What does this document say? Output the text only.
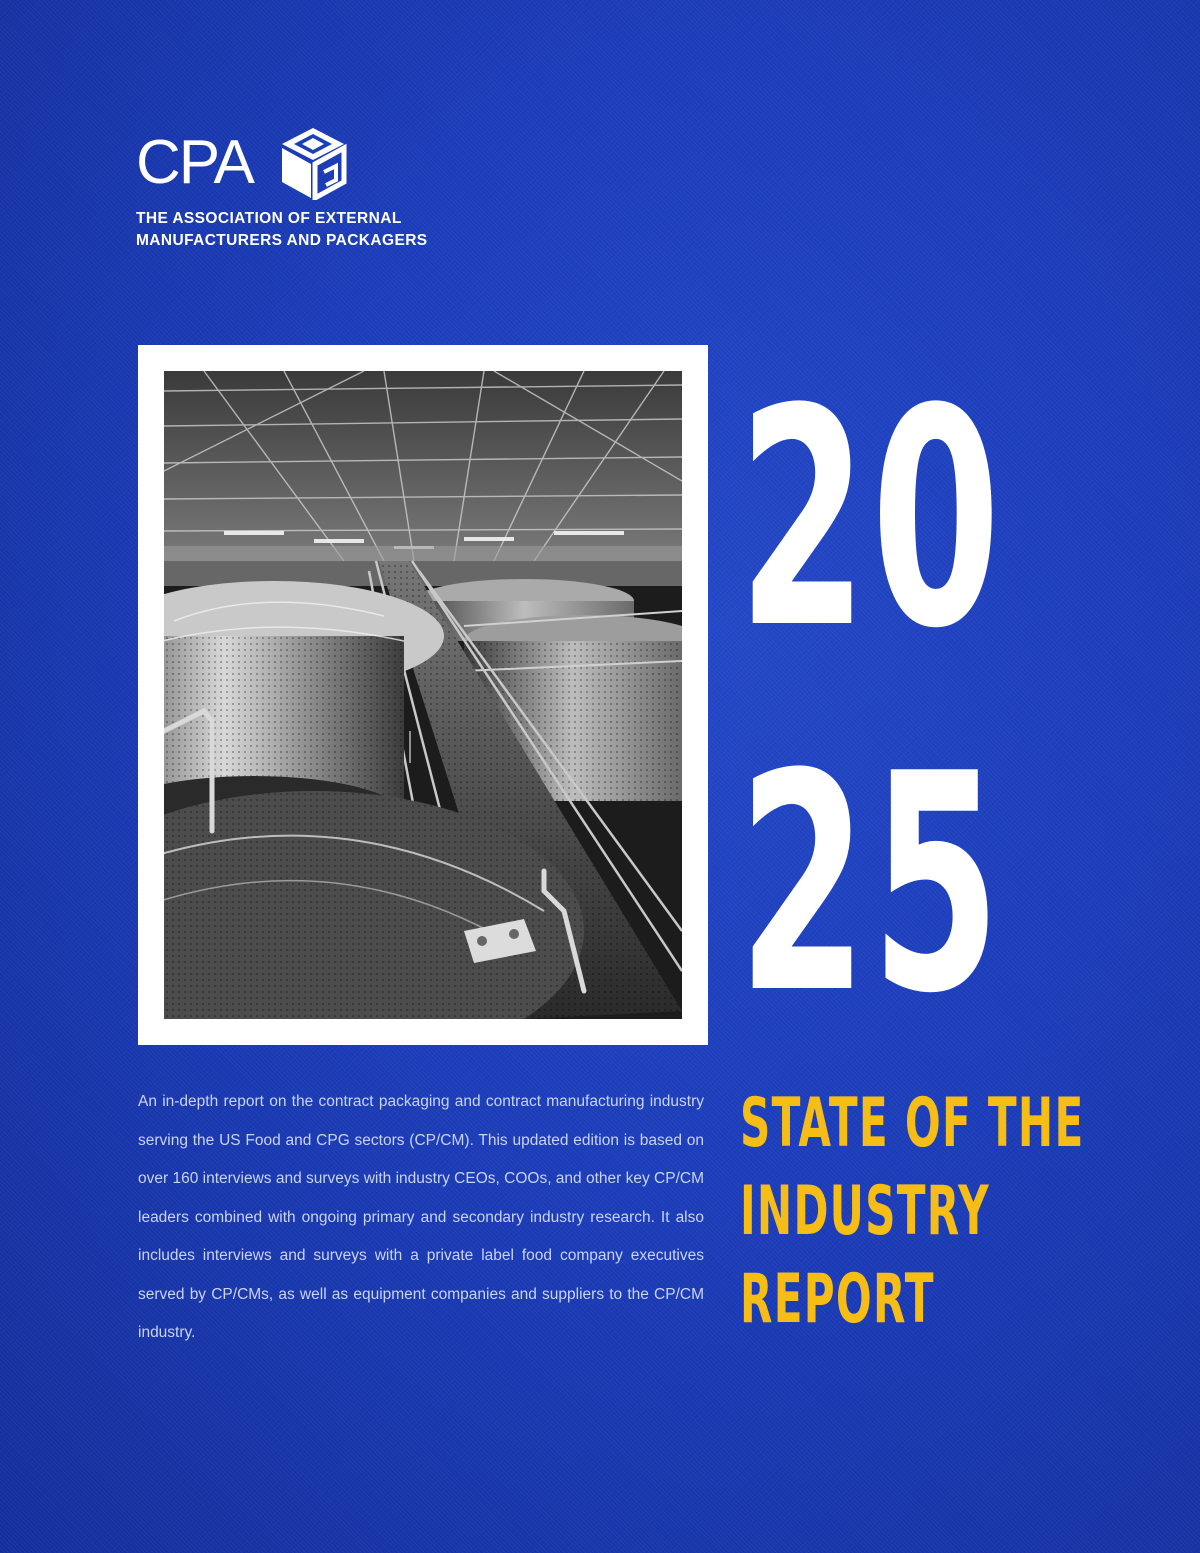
CPA
THE ASSOCIATION OF EXTERNAL
MANUFACTURERS AND PACKAGERS
20
25
STATE OF THE
INDUSTRY
REPORT

An in-depth report on the contract packaging and contract manufacturing industry serving the US Food and CPG sectors (CP/CM). This updated edition is based on over 160 interviews and surveys with industry CEOs, COOs, and other key CP/CM leaders combined with ongoing primary and secondary industry research. It also includes interviews and surveys with a private label food company executives served by CP/CMs, as well as equipment companies and suppliers to the CP/CM industry.
